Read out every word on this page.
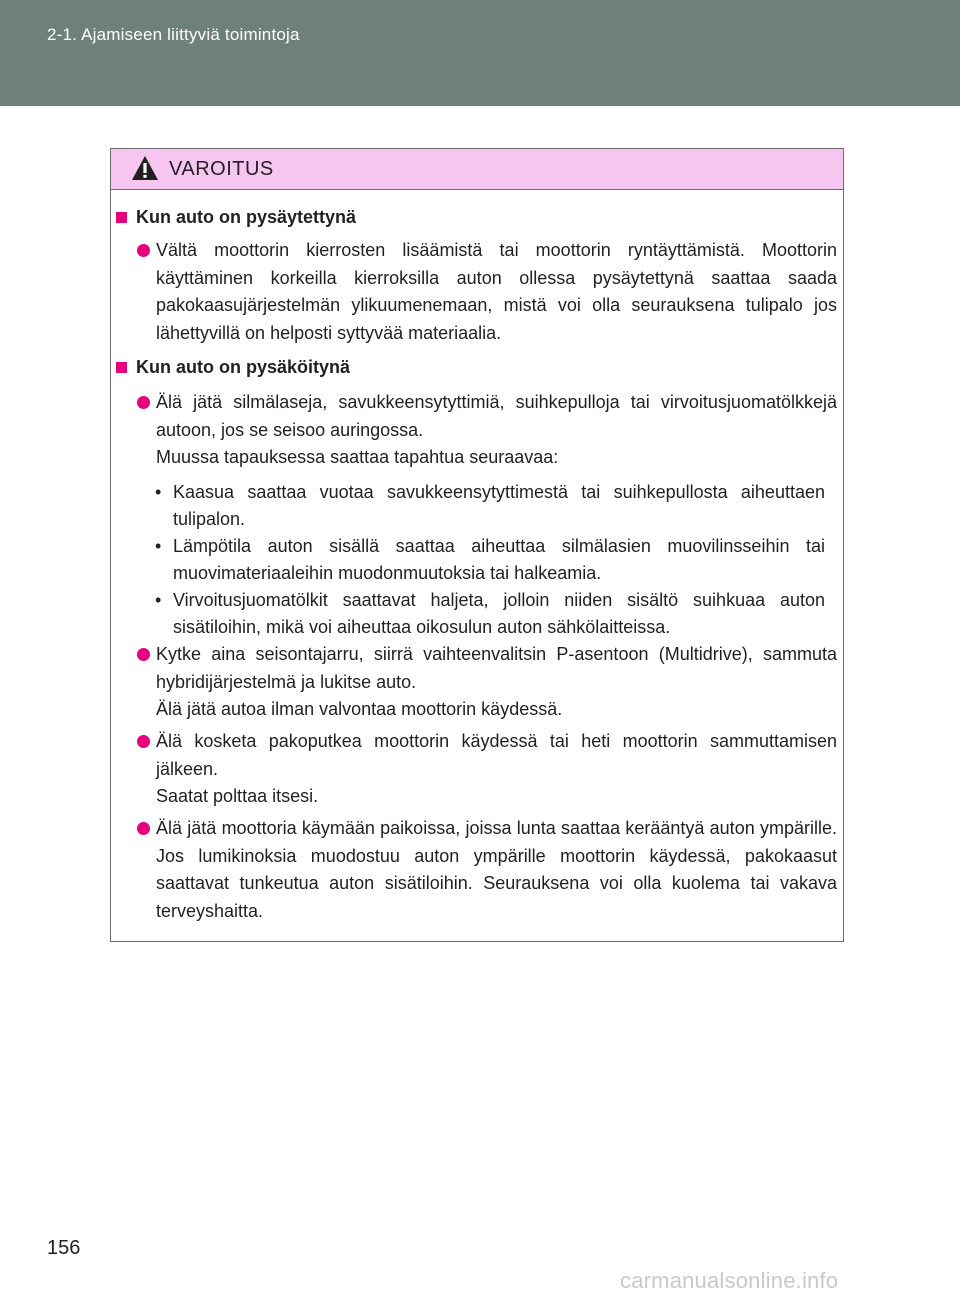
2-1. Ajamiseen liittyviä toimintoja
VAROITUS
Kun auto on pysäytettynä

Vältä moottorin kierrosten lisäämistä tai moottorin ryntäyttämistä. Moottorin käyttäminen korkeilla kierroksilla auton ollessa pysäytettynä saattaa saada pakokaasujärjestelmän ylikuumenemaan, mistä voi olla seurauksena tulipalo jos lähettyvillä on helposti syttyvää materiaalia.

Kun auto on pysäköitynä

Älä jätä silmälaseja, savukkeensytyttimiä, suihkepulloja tai virvoitusjuomatölkkejä autoon, jos se seisoo auringossa.

Muussa tapauksessa saattaa tapahtua seuraavaa:

• Kaasua saattaa vuotaa savukkeensytyttimestä tai suihkepullosta aiheuttaen tulipalon.
• Lämpötila auton sisällä saattaa aiheuttaa silmälasien muovilinsseihin tai muovimateriaaleihin muodonmuutoksia tai halkeamia.
• Virvoitusjuomatölkit saattavat haljeta, jolloin niiden sisältö suihkuaa auton sisätiloihin, mikä voi aiheuttaa oikosulun auton sähkölaitteissa.

Kytke aina seisontajarru, siirrä vaihteenvalitsin P-asentoon (Multidrive), sammuta hybridijärjestelmä ja lukitse auto.

Älä jätä autoa ilman valvontaa moottorin käydessä.

Älä kosketa pakoputkea moottorin käydessä tai heti moottorin sammuttamisen jälkeen.

Saatat polttaa itsesi.

Älä jätä moottoria käymään paikoissa, joissa lunta saattaa kerääntyä auton ympärille. Jos lumikinoksia muodostuu auton ympärille moottorin käydessä, pakokaasut saattavat tunkeutua auton sisätiloihin. Seurauksena voi olla kuolema tai vakava terveyshaitta.

156
carmanualsonline.info
